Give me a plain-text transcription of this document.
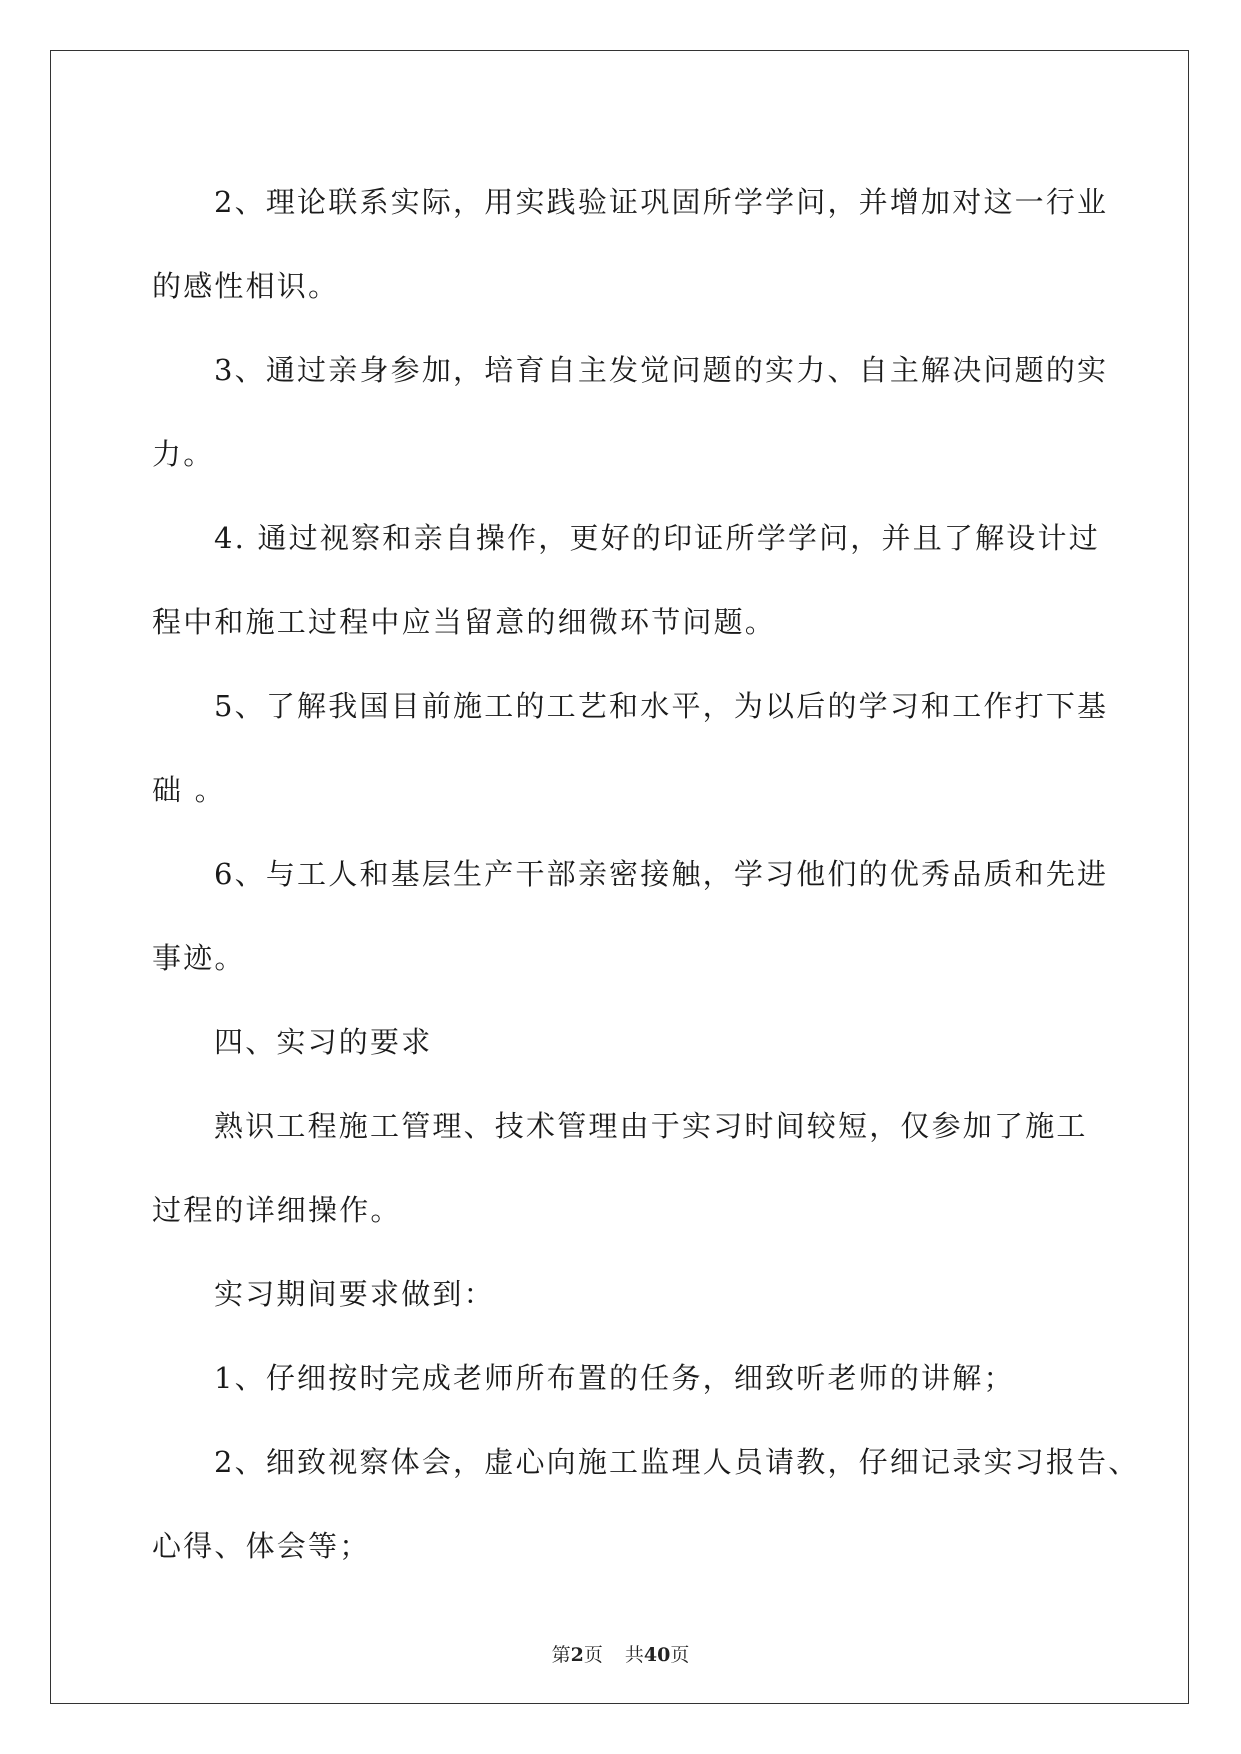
2、理论联系实际，用实践验证巩固所学学问，并增加对这一行业
的感性相识。
3、通过亲身参加，培育自主发觉问题的实力、自主解决问题的实
力。
4. 通过视察和亲自操作，更好的印证所学学问，并且了解设计过
程中和施工过程中应当留意的细微环节问题。
5、了解我国目前施工的工艺和水平，为以后的学习和工作打下基
础 。
6、与工人和基层生产干部亲密接触，学习他们的优秀品质和先进
事迹。
四、实习的要求
熟识工程施工管理、技术管理由于实习时间较短，仅参加了施工
过程的详细操作。
实习期间要求做到：
1、仔细按时完成老师所布置的任务，细致听老师的讲解；
2、细致视察体会，虚心向施工监理人员请教，仔细记录实习报告、
心得、体会等；
第2页 共40页
